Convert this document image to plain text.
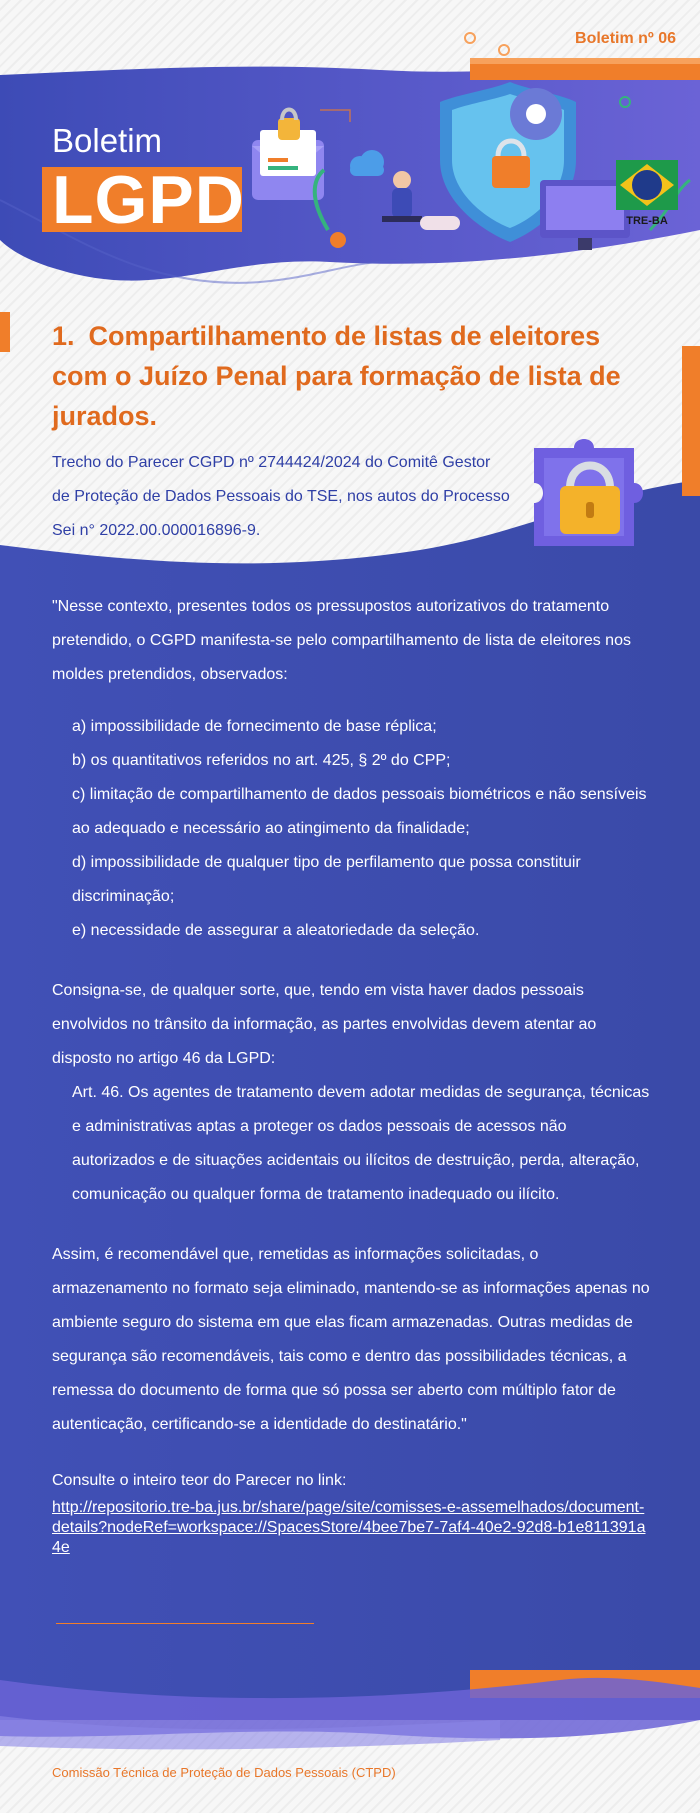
Boletim nº 06
Boletim
LGPD	TRE-BA
1. Compartilhamento de listas de eleitores com o Juízo Penal para formação de lista de jurados.

Trecho do Parecer CGPD nº 2744424/2024 do Comitê Gestor de Proteção de Dados Pessoais do TSE, nos autos do Processo Sei n° 2022.00.000016896-9.

"Nesse contexto, presentes todos os pressupostos autorizativos do tratamento pretendido, o CGPD manifesta-se pelo compartilhamento de lista de eleitores nos moldes pretendidos, observados:

a) impossibilidade de fornecimento de base réplica;
b) os quantitativos referidos no art. 425, § 2º do CPP;
c) limitação de compartilhamento de dados pessoais biométricos e não sensíveis ao adequado e necessário ao atingimento da finalidade;
d) impossibilidade de qualquer tipo de perfilamento que possa constituir discriminação;
e) necessidade de assegurar a aleatoriedade da seleção.

Consigna-se, de qualquer sorte, que, tendo em vista haver dados pessoais envolvidos no trânsito da informação, as partes envolvidas devem atentar ao disposto no artigo 46 da LGPD:

Art. 46. Os agentes de tratamento devem adotar medidas de segurança, técnicas e administrativas aptas a proteger os dados pessoais de acessos não autorizados e de situações acidentais ou ilícitos de destruição, perda, alteração, comunicação ou qualquer forma de tratamento inadequado ou ilícito.

Assim, é recomendável que, remetidas as informações solicitadas, o armazenamento no formato seja eliminado, mantendo-se as informações apenas no ambiente seguro do sistema em que elas ficam armazenadas. Outras medidas de segurança são recomendáveis, tais como e dentro das possibilidades técnicas, a remessa do documento de forma que só possa ser aberto com múltiplo fator de autenticação, certificando-se a identidade do destinatário."

Consulte o inteiro teor do Parecer no link:

http://repositorio.tre-ba.jus.br/share/page/site/comisses-e-assemelhados/document-details?nodeRef=workspace://SpacesStore/4bee7be7-7af4-40e2-92d8-b1e811391a4e
Comissão Técnica de Proteção de Dados Pessoais (CTPD)
